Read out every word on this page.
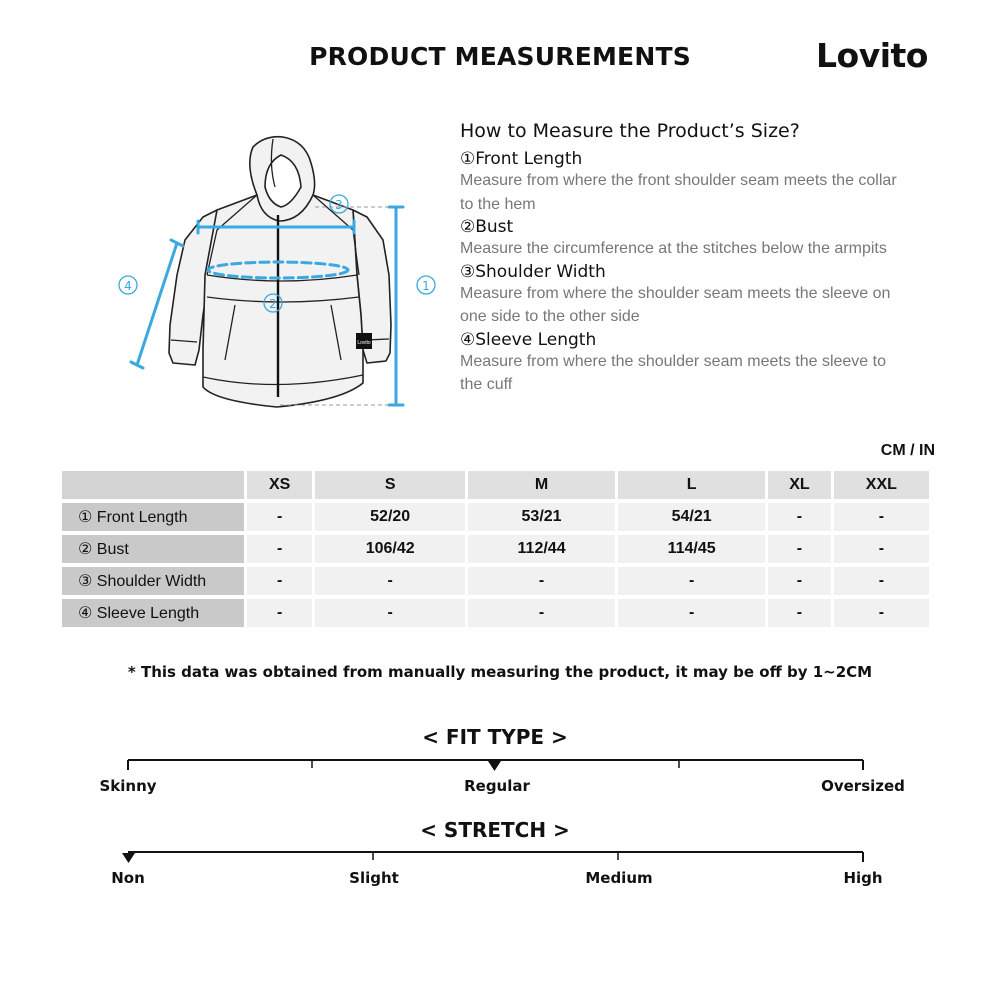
PRODUCT MEASUREMENTS	Lovito
Lovito
1
2
3
4
How to Measure the Product’s Size?
①Front Length
Measure from where the front shoulder seam meets the collar to the hem
②Bust
Measure the circumference at the stitches below the armpits
③Shoulder Width
Measure from where the shoulder seam meets the sleeve on one side to the other side
④Sleeve Length
Measure from where the shoulder seam meets the sleeve to the cuff
CM / IN
	XS	S	M	L	XL	XXL
① Front Length	-	52/20	53/21	54/21	-	-
② Bust	-	106/42	112/44	114/45	-	-
③ Shoulder Width	-	-	-	-	-	-
④ Sleeve Length	-	-	-	-	-	-
* This data was obtained from manually measuring the product, it may be off by 1~2CM
< FIT TYPE >
Skinny	Regular	Oversized
< STRETCH >
Non	Slight	Medium	High
